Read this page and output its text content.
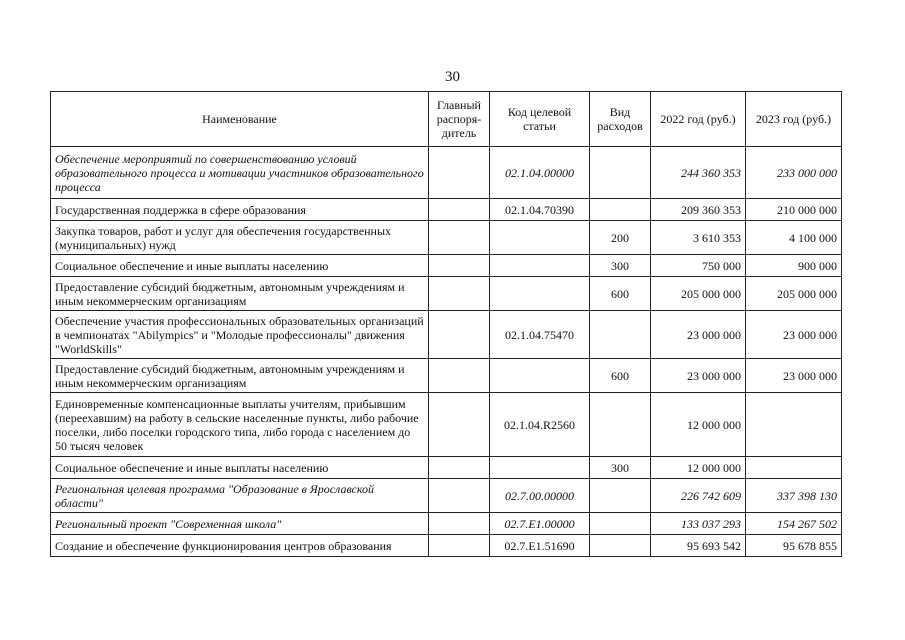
30
Наименование	Главный распоря-дитель	Код целевой статьи	Вид расходов	2022 год (руб.)	2023 год (руб.)
Обеспечение мероприятий по совершенствованию условий образовательного процесса и мотивации участников образовательного процесса		02.1.04.00000		244 360 353	233 000 000
Государственная поддержка в сфере образования		02.1.04.70390		209 360 353	210 000 000
Закупка товаров, работ и услуг для обеспечения государственных (муниципальных) нужд			200	3 610 353	4 100 000
Социальное обеспечение и иные выплаты населению			300	750 000	900 000
Предоставление субсидий бюджетным, автономным учреждениям и иным некоммерческим организациям			600	205 000 000	205 000 000
Обеспечение участия профессиональных образовательных организаций в чемпионатах "Abilympics" и "Молодые профессионалы" движения "WorldSkills"		02.1.04.75470		23 000 000	23 000 000
Предоставление субсидий бюджетным, автономным учреждениям и иным некоммерческим организациям			600	23 000 000	23 000 000
Единовременные компенсационные выплаты учителям, прибывшим (переехавшим) на работу в сельские населенные пункты, либо рабочие поселки, либо поселки городского типа, либо города с населением до 50 тысяч человек		02.1.04.R2560		12 000 000	
Социальное обеспечение и иные выплаты населению			300	12 000 000	
Региональная целевая программа "Образование в Ярославской области"		02.7.00.00000		226 742 609	337 398 130
Региональный проект "Современная школа"		02.7.E1.00000		133 037 293	154 267 502
Создание и обеспечение функционирования центров образования		02.7.E1.51690		95 693 542	95 678 855
